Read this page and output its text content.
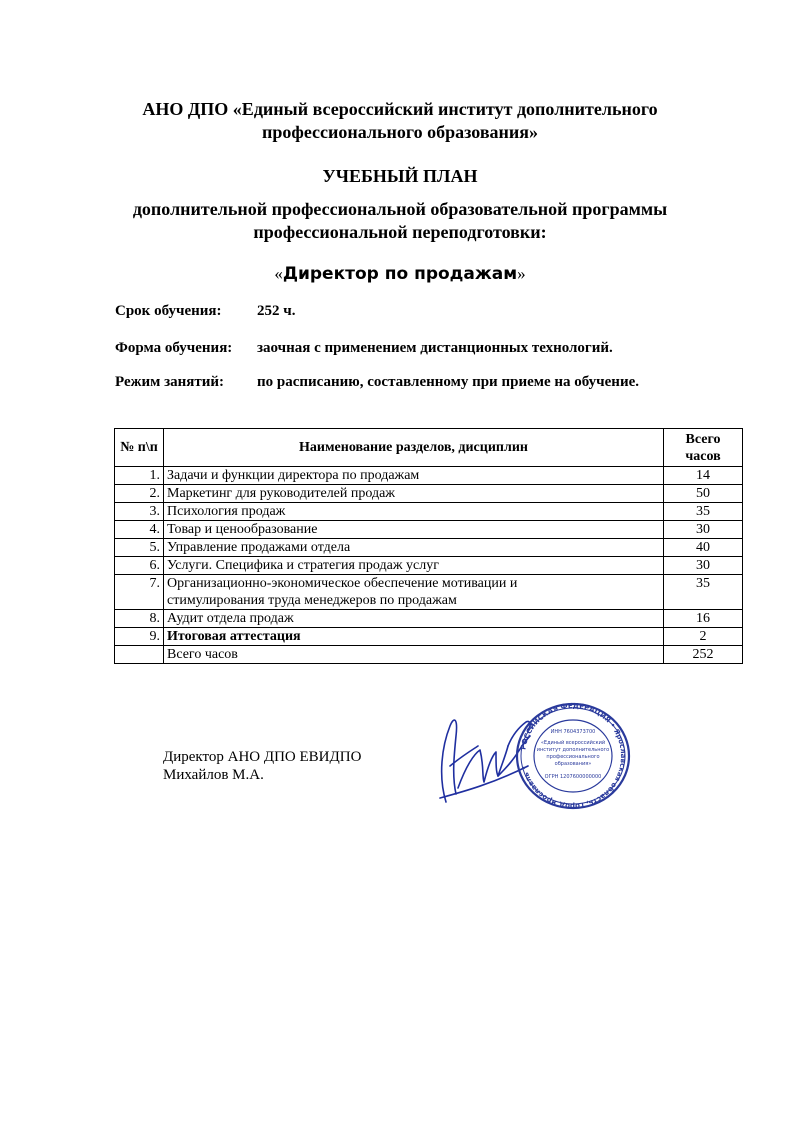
АНО ДПО «Единый всероссийский институт дополнительного
профессионального образования»
УЧЕБНЫЙ ПЛАН
дополнительной профессиональной образовательной программы
профессиональной переподготовки:
«Директор по продажам»
Срок обучения: 252 ч.
Форма обучения: заочная с применением дистанционных технологий.
Режим занятий: по расписанию, составленному при приеме на обучение.
№ п\п	Наименование разделов, дисциплин	Всего
часов

1.	Задачи и функции директора по продажам	14
2.	Маркетинг для руководителей продаж	50
3.	Психология продаж	35
4.	Товар и ценообразование	30
5.	Управление продажами отдела	40
6.	Услуги. Специфика и стратегия продаж услуг	30
7.	Организационно-экономическое обеспечение мотивации и
стимулирования труда менеджеров по продажам	35
8.	Аудит отдела продаж	16
9.	Итоговая аттестация	2
	Всего часов	252
Директор АНО ДПО ЕВИДПО
Михайлов М.А.
РОССИЙСКАЯ ФЕДЕРАЦИЯ • Ярославская область, город Ярославль •
ИНН 7604373700
«Единый всероссийский
институт дополнительного
профессионального
образования»
ОГРН 1207600000000
